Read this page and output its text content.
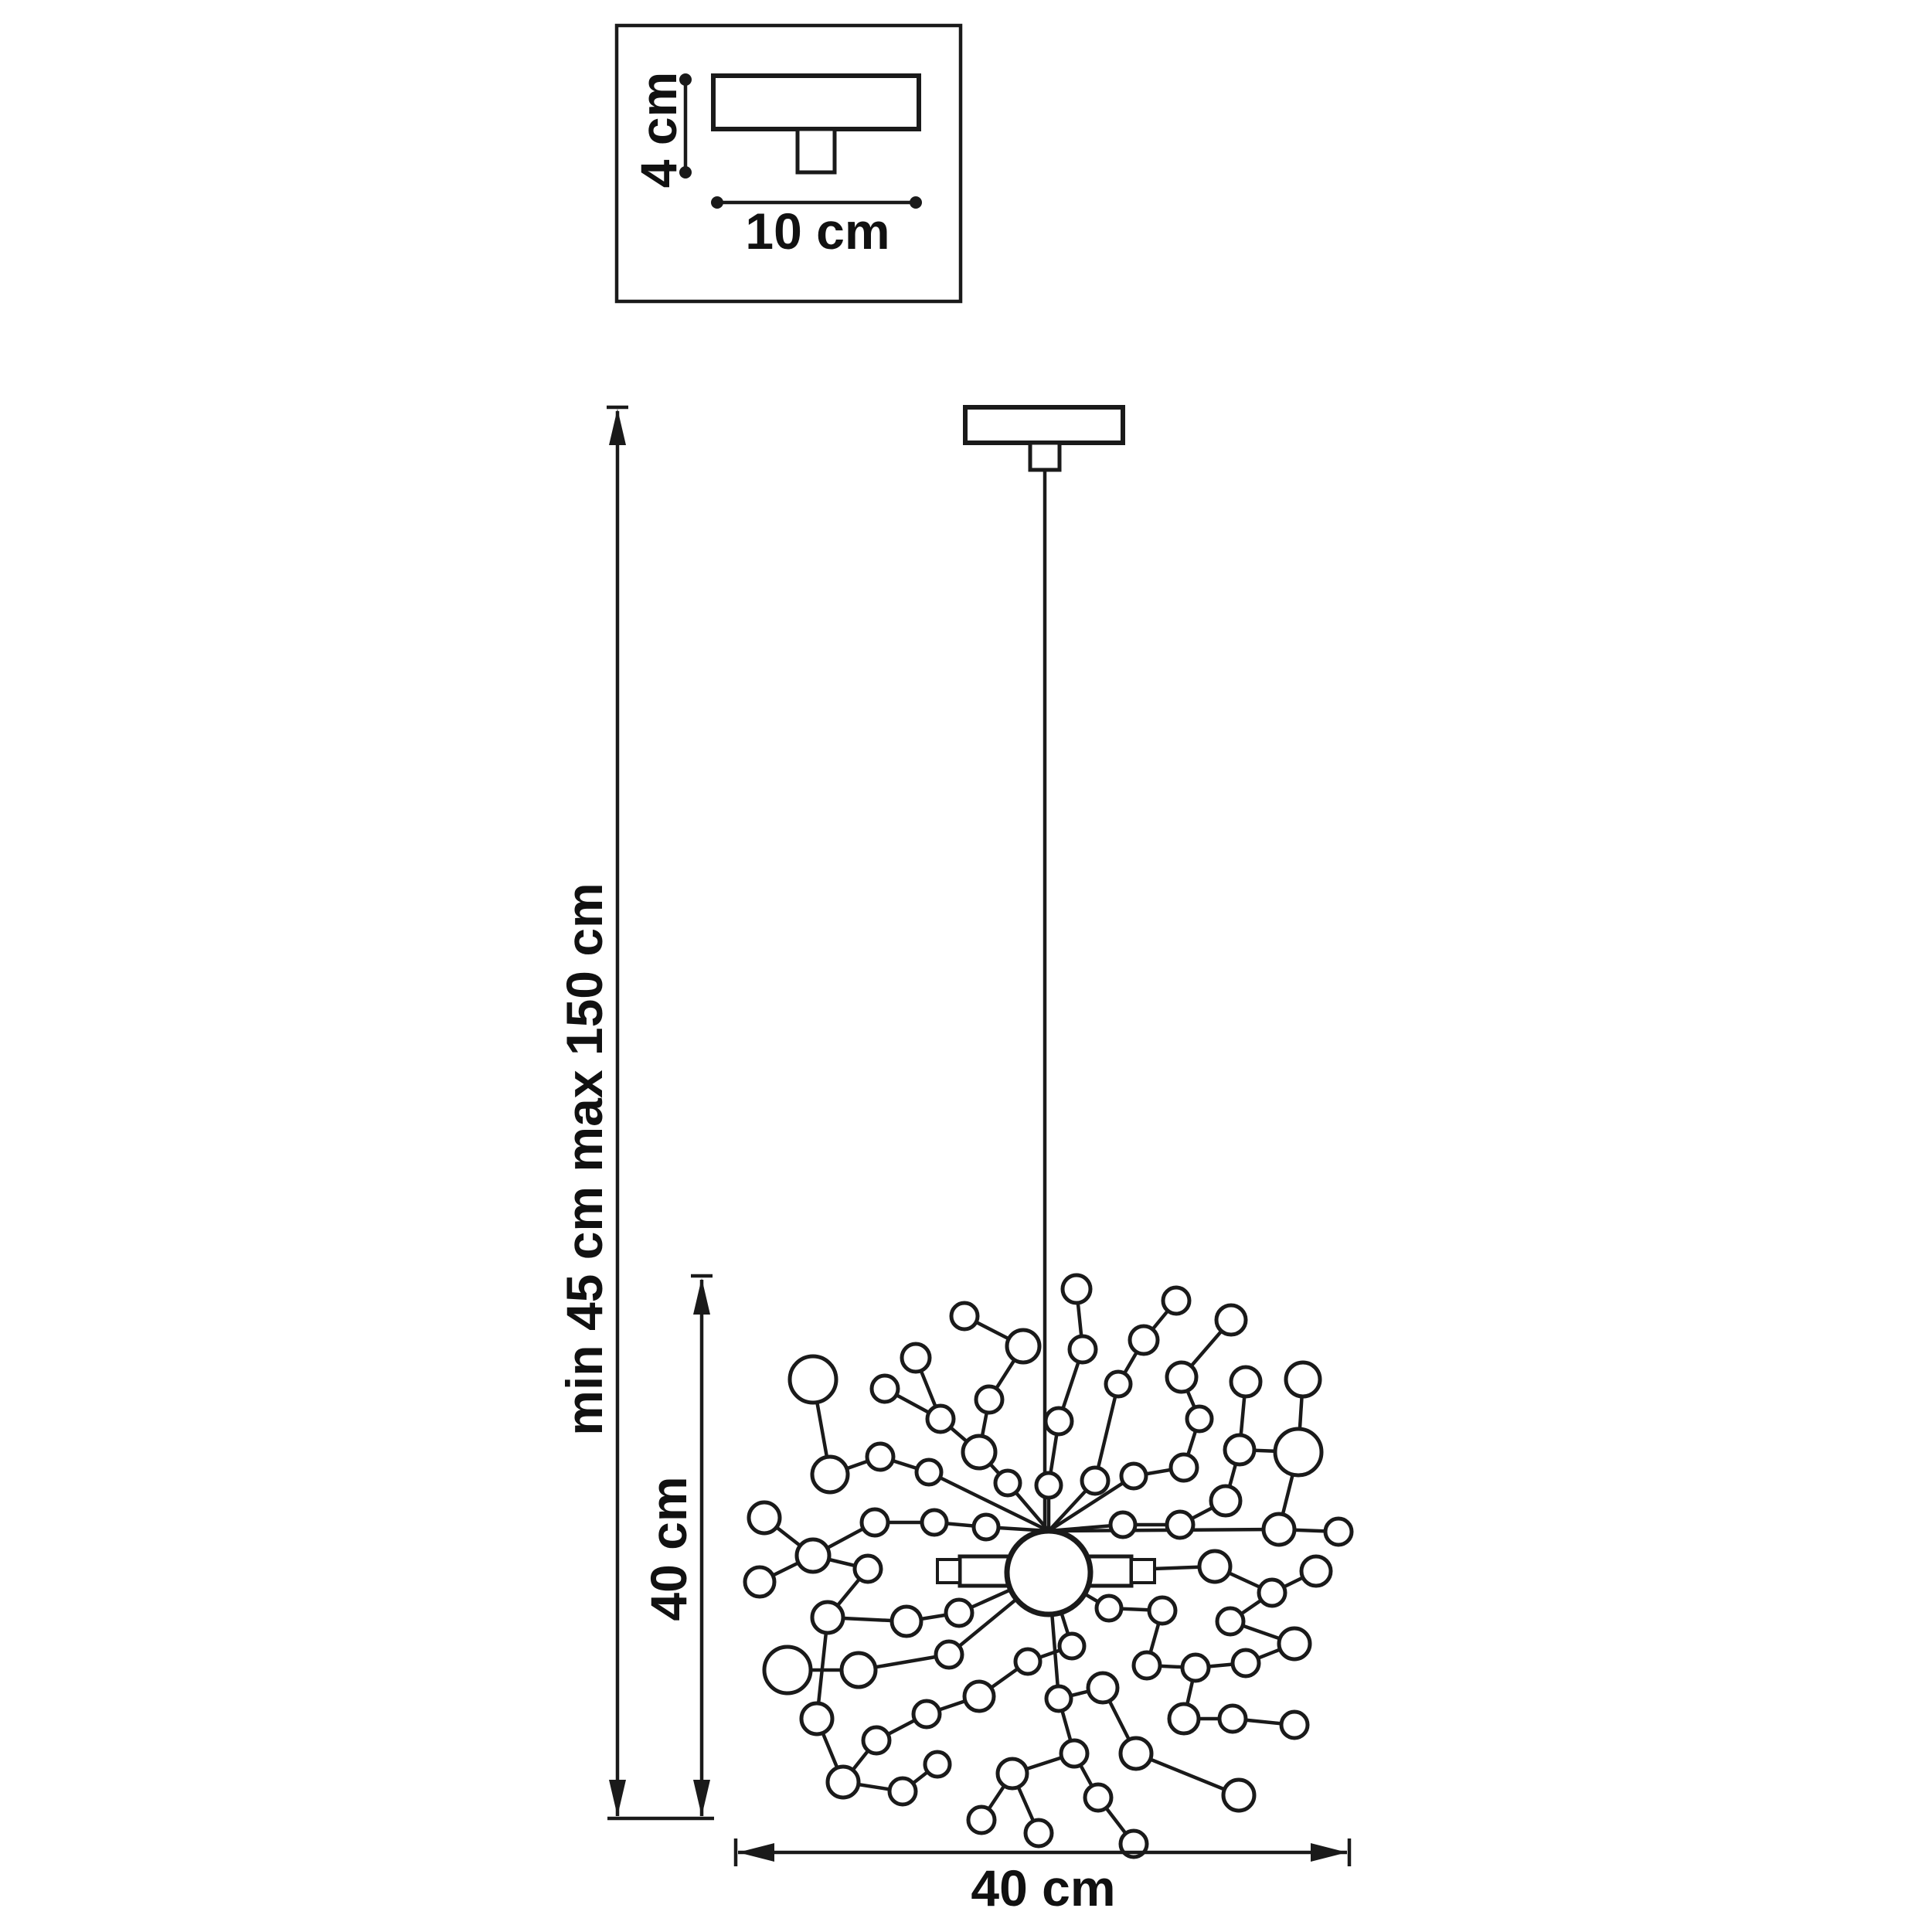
4 cm
10 cm
min 45 cm max 150 cm
40 cm
40 cm
